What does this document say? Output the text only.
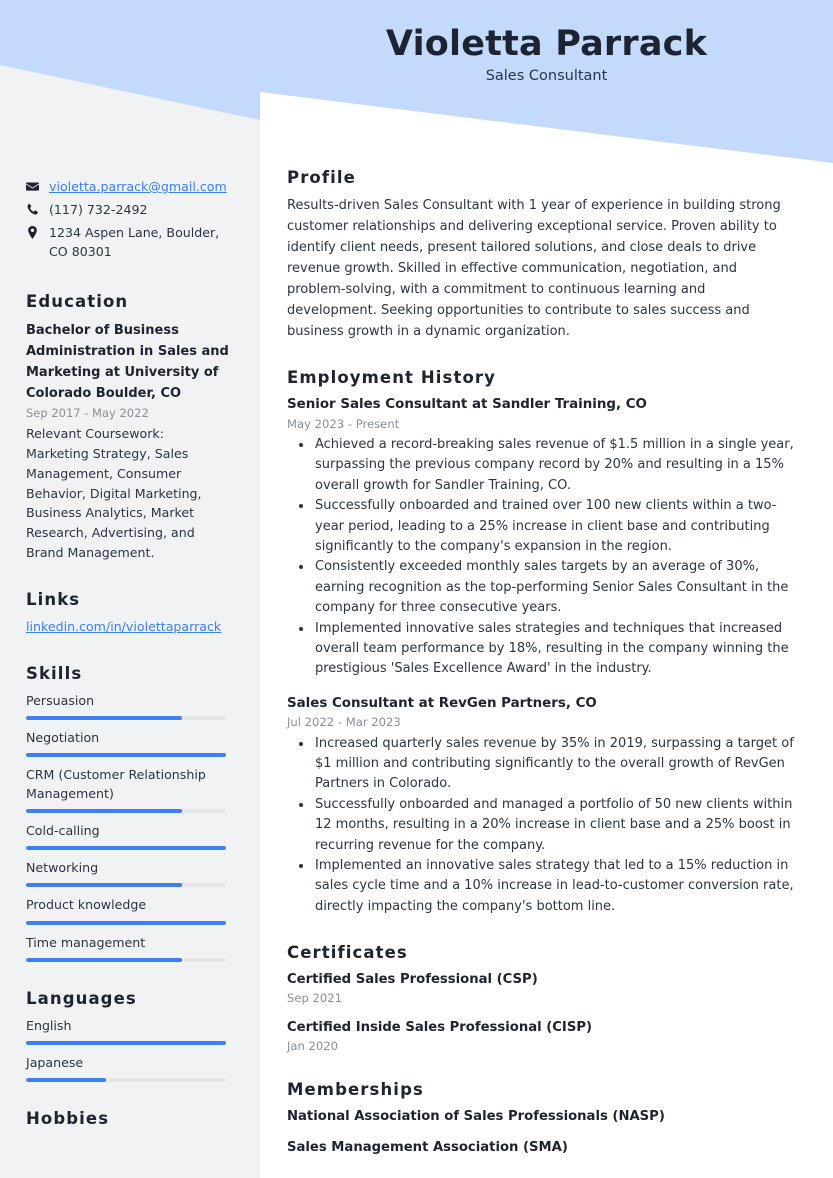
Violetta Parrack

Sales Consultant

violetta.parrack@gmail.com
(117) 732-2492
1234 Aspen Lane, Boulder, CO 80301
Education

Bachelor of Business Administration in Sales and Marketing at University of Colorado Boulder, CO

Sep 2017 - May 2022

Relevant Coursework: Marketing Strategy, Sales Management, Consumer Behavior, Digital Marketing, Business Analytics, Market Research, Advertising, and Brand Management.

Links
linkedin.com/in/violettaparrack
Skills
Persuasion
Negotiation
CRM (Customer Relationship Management)
Cold-calling
Networking
Product knowledge
Time management
Languages
English
Japanese
Hobbies
Profile

Results-driven Sales Consultant with 1 year of experience in building strong customer relationships and delivering exceptional service. Proven ability to identify client needs, present tailored solutions, and close deals to drive revenue growth. Skilled in effective communication, negotiation, and problem-solving, with a commitment to continuous learning and development. Seeking opportunities to contribute to sales success and business growth in a dynamic organization.

Employment History

Senior Sales Consultant at Sandler Training, CO

May 2023 - Present

• Achieved a record-breaking sales revenue of $1.5 million in a single year, surpassing the previous company record by 20% and resulting in a 15% overall growth for Sandler Training, CO.
• Successfully onboarded and trained over 100 new clients within a two-year period, leading to a 25% increase in client base and contributing significantly to the company's expansion in the region.
• Consistently exceeded monthly sales targets by an average of 30%, earning recognition as the top-performing Senior Sales Consultant in the company for three consecutive years.
• Implemented innovative sales strategies and techniques that increased overall team performance by 18%, resulting in the company winning the prestigious 'Sales Excellence Award' in the industry.

Sales Consultant at RevGen Partners, CO

Jul 2022 - Mar 2023

• Increased quarterly sales revenue by 35% in 2019, surpassing a target of $1 million and contributing significantly to the overall growth of RevGen Partners in Colorado.
• Successfully onboarded and managed a portfolio of 50 new clients within 12 months, resulting in a 20% increase in client base and a 25% boost in recurring revenue for the company.
• Implemented an innovative sales strategy that led to a 15% reduction in sales cycle time and a 10% increase in lead-to-customer conversion rate, directly impacting the company's bottom line.
Certificates

Certified Sales Professional (CSP)

Sep 2021

Certified Inside Sales Professional (CISP)

Jan 2020

Memberships

National Association of Sales Professionals (NASP)

Sales Management Association (SMA)
